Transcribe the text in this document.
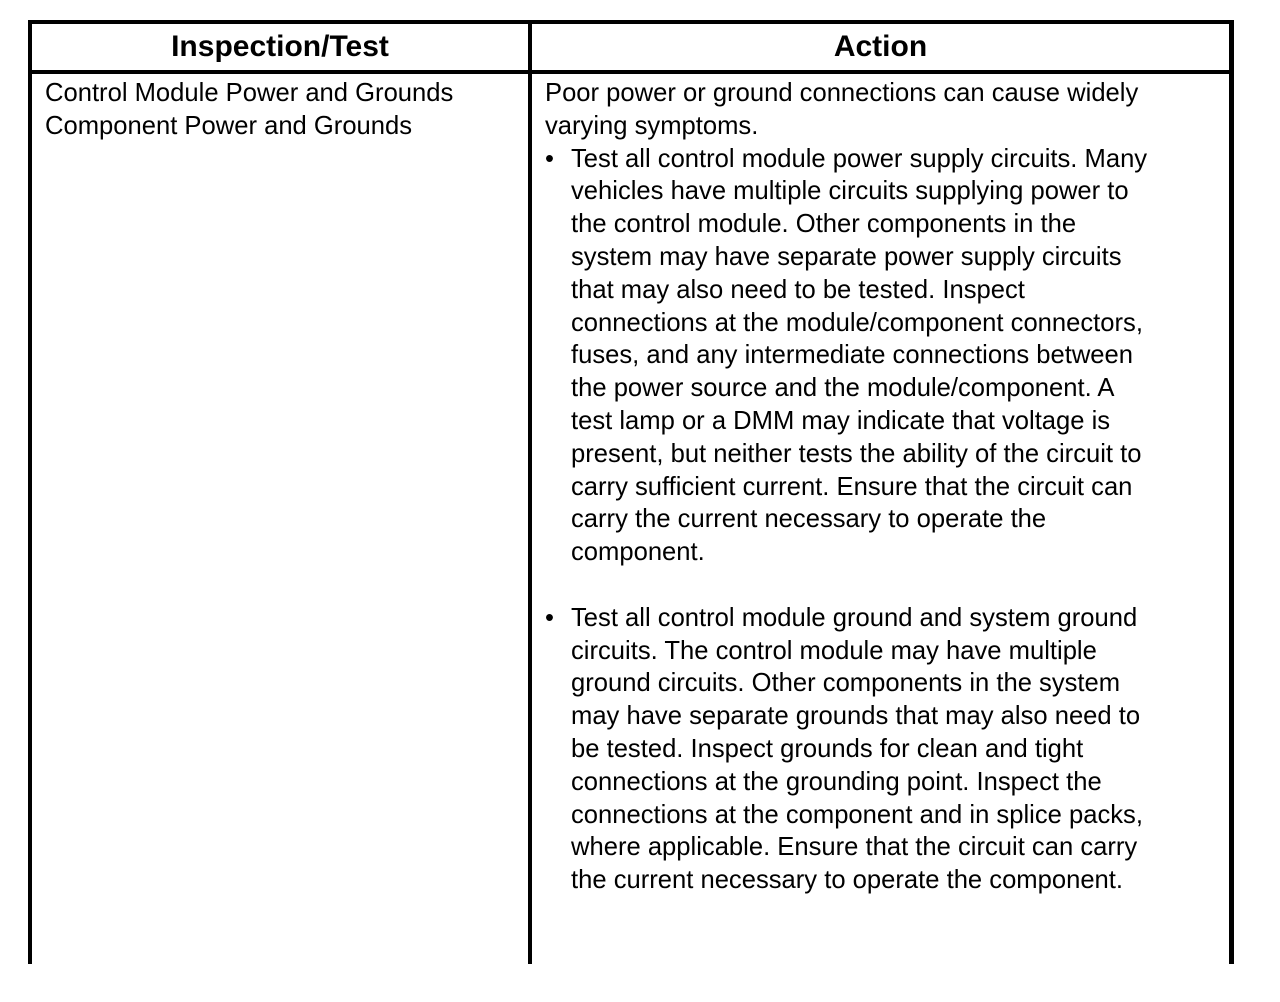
Inspection/Test	Action
Control Module Power and Grounds
Component Power and Grounds
Poor power or ground connections can cause widely
varying symptoms.
• Test all control module power supply circuits. Many
vehicles have multiple circuits supplying power to
the control module. Other components in the
system may have separate power supply circuits
that may also need to be tested. Inspect
connections at the module/component connectors,
fuses, and any intermediate connections between
the power source and the module/component. A
test lamp or a DMM may indicate that voltage is
present, but neither tests the ability of the circuit to
carry sufficient current. Ensure that the circuit can
carry the current necessary to operate the
component.
• Test all control module ground and system ground
circuits. The control module may have multiple
ground circuits. Other components in the system
may have separate grounds that may also need to
be tested. Inspect grounds for clean and tight
connections at the grounding point. Inspect the
connections at the component and in splice packs,
where applicable. Ensure that the circuit can carry
the current necessary to operate the component.
